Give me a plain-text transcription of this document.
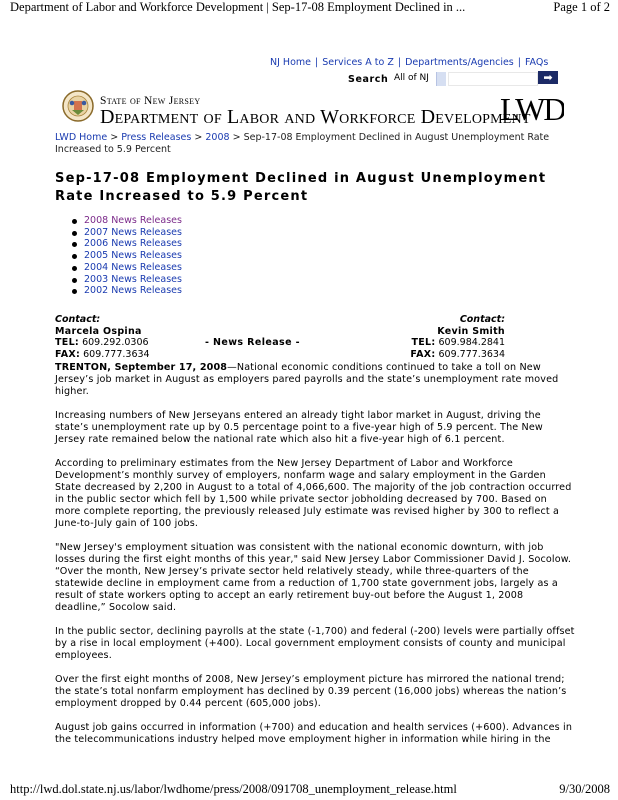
Department of Labor and Workforce Development | Sep-17-08 Employment Declined in ...	Page 1 of 2
NJ Home | Services A to Z | Departments/Agencies | FAQs
Search All of NJ	➡
State of New Jersey
Department of Labor and Workforce Development
LWD
LWD Home > Press Releases > 2008 > Sep-17-08 Employment Declined in August Unemployment Rate Increased to 5.9 Percent
Sep-17-08 Employment Declined in August Unemployment Rate Increased to 5.9 Percent
2008 News Releases
2007 News Releases
2006 News Releases
2005 News Releases
2004 News Releases
2003 News Releases
2002 News Releases
Contact:
Marcela Ospina
TEL: 609.292.0306
FAX: 609.777.3634
- News Release -
Contact:
Kevin Smith
TEL: 609.984.2841
FAX: 609.777.3634

TRENTON, September 17, 2008—National economic conditions continued to take a toll on New Jersey’s job market in August as employers pared payrolls and the state’s unemployment rate moved higher.

Increasing numbers of New Jerseyans entered an already tight labor market in August, driving the state’s unemployment rate up by 0.5 percentage point to a five-year high of 5.9 percent. The New Jersey rate remained below the national rate which also hit a five-year high of 6.1 percent.

According to preliminary estimates from the New Jersey Department of Labor and Workforce Development’s monthly survey of employers, nonfarm wage and salary employment in the Garden State decreased by 2,200 in August to a total of 4,066,600. The majority of the job contraction occurred in the public sector which fell by 1,500 while private sector jobholding decreased by 700. Based on more complete reporting, the previously released July estimate was revised higher by 300 to reflect a June-to-July gain of 100 jobs.

"New Jersey's employment situation was consistent with the national economic downturn, with job losses during the first eight months of this year," said New Jersey Labor Commissioner David J. Socolow. “Over the month, New Jersey’s private sector held relatively steady, while three-quarters of the statewide decline in employment came from a reduction of 1,700 state government jobs, largely as a result of state workers opting to accept an early retirement buy-out before the August 1, 2008 deadline,” Socolow said.

In the public sector, declining payrolls at the state (-1,700) and federal (-200) levels were partially offset by a rise in local employment (+400). Local government employment consists of county and municipal employees.

Over the first eight months of 2008, New Jersey’s employment picture has mirrored the national trend; the state’s total nonfarm employment has declined by 0.39 percent (16,000 jobs) whereas the nation’s employment dropped by 0.44 percent (605,000 jobs).

August job gains occurred in information (+700) and education and health services (+600). Advances in the telecommunications industry helped move employment higher in information while hiring in the

http://lwd.dol.state.nj.us/labor/lwdhome/press/2008/091708_unemployment_release.html	9/30/2008
